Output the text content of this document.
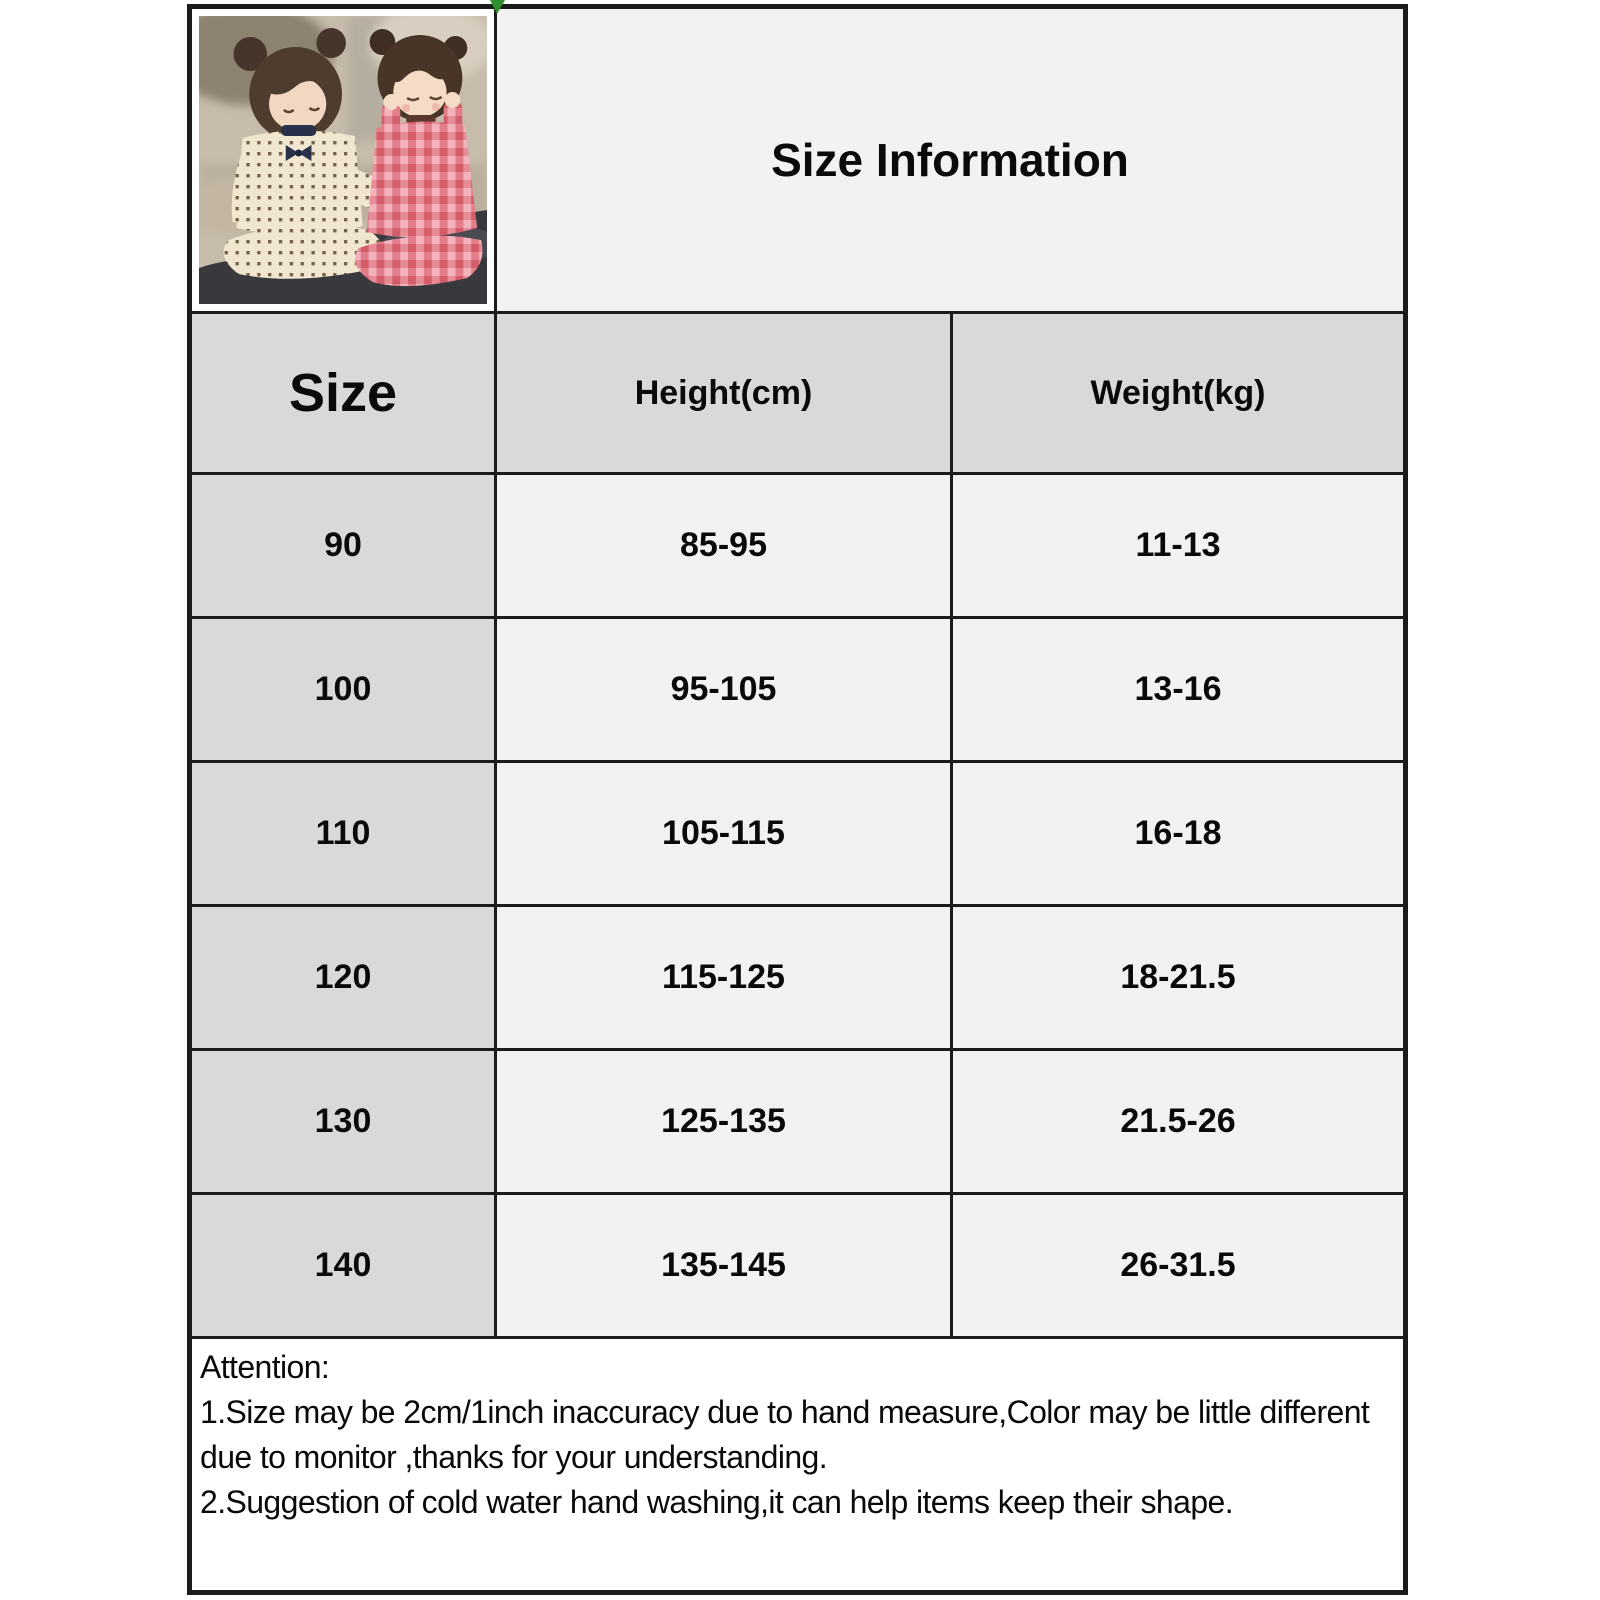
Size Information
Size	Height(cm)	Weight(kg)
90	85-95	11-13
100	95-105	13-16
110	105-115	16-18
120	115-125	18-21.5
130	125-135	21.5-26
140	135-145	26-31.5

Attention:

1.Size may be 2cm/1inch inaccuracy due to hand measure,Color may be little different due to monitor ,thanks for your understanding.

2.Suggestion of cold water hand washing,it can help items keep their shape.
